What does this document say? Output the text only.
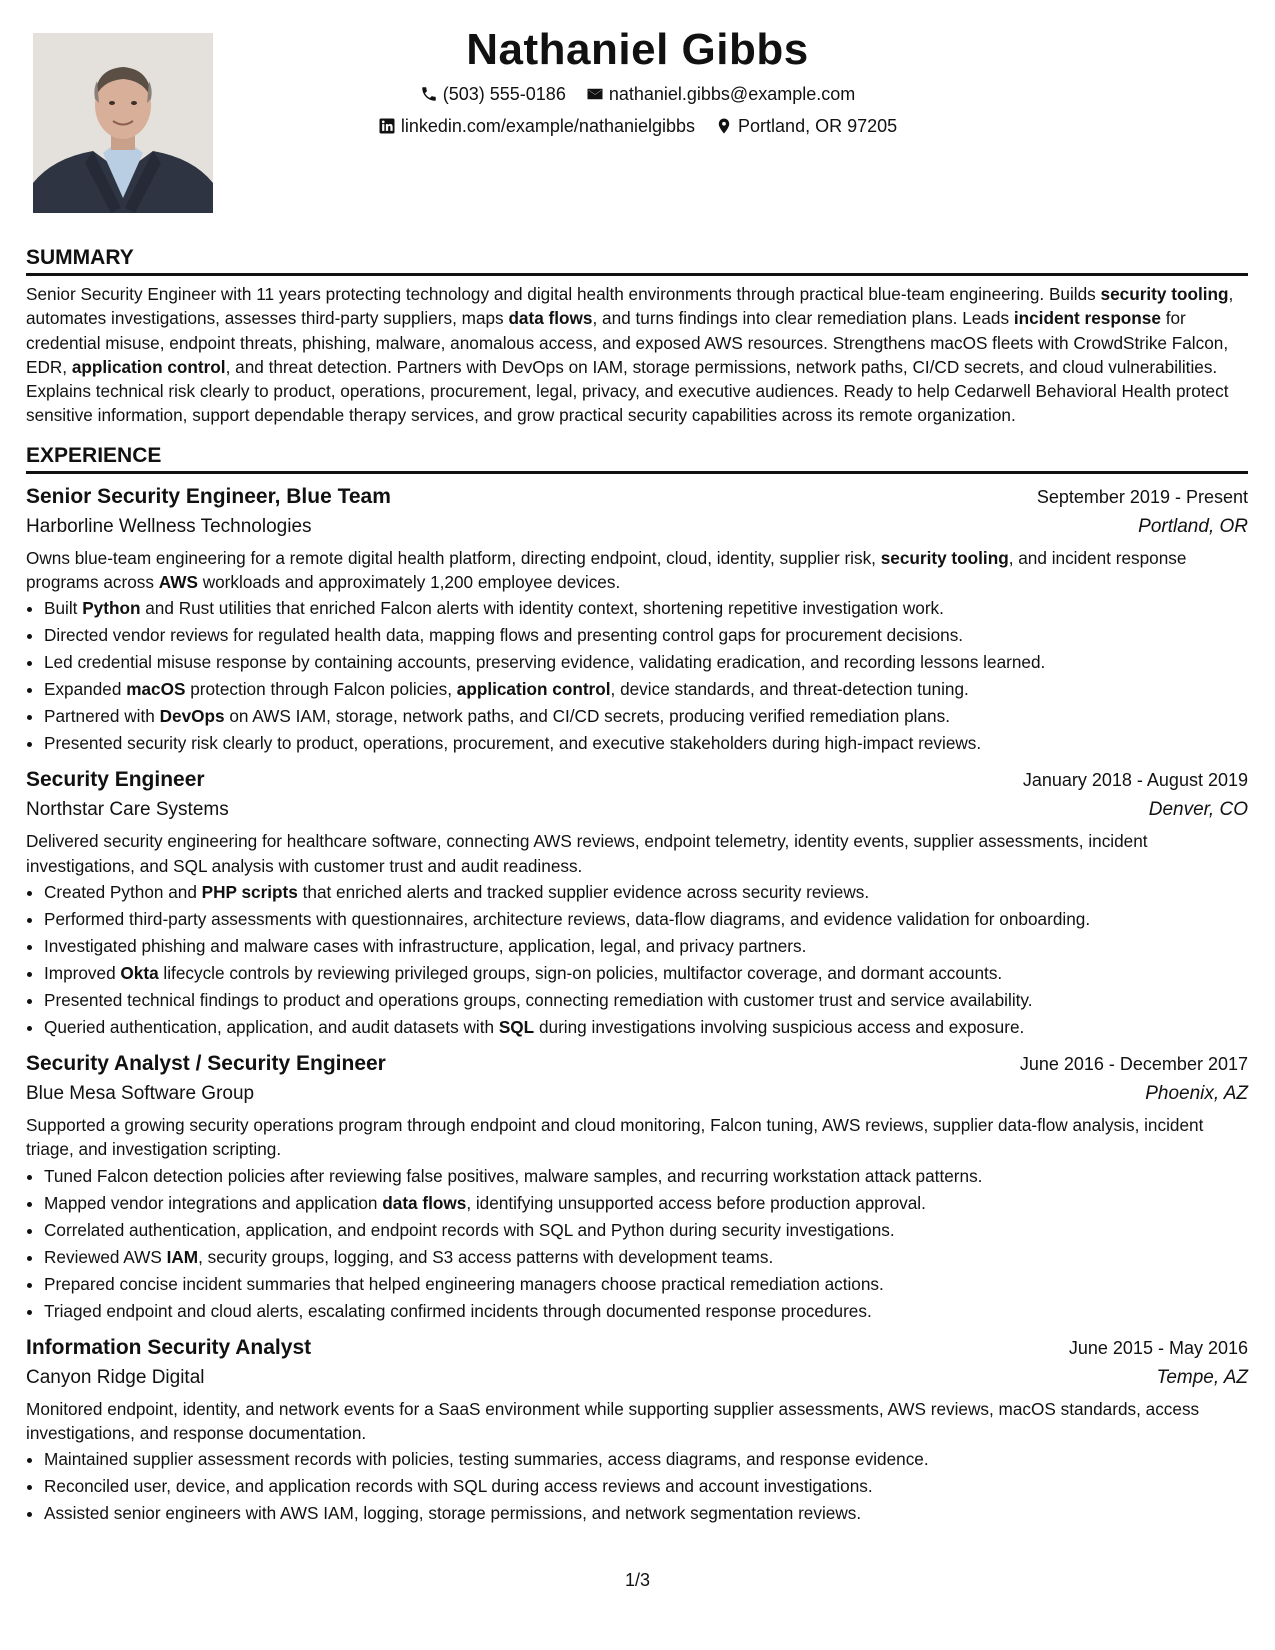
Nathaniel Gibbs
(503) 555-0186 nathaniel.gibbs@example.com
linkedin.com/example/nathanielgibbs Portland, OR 97205
SUMMARY

Senior Security Engineer with 11 years protecting technology and digital health environments through practical blue-team engineering. Builds security tooling, automates investigations, assesses third-party suppliers, maps data flows, and turns findings into clear remediation plans. Leads incident response for credential misuse, endpoint threats, phishing, malware, anomalous access, and exposed AWS resources. Strengthens macOS fleets with CrowdStrike Falcon, EDR, application control, and threat detection. Partners with DevOps on IAM, storage permissions, network paths, CI/CD secrets, and cloud vulnerabilities. Explains technical risk clearly to product, operations, procurement, legal, privacy, and executive audiences. Ready to help Cedarwell Behavioral Health protect sensitive information, support dependable therapy services, and grow practical security capabilities across its remote organization.

EXPERIENCE
Senior Security Engineer, Blue Team	September 2019 - Present
Harborline Wellness Technologies	Portland, OR

Owns blue-team engineering for a remote digital health platform, directing endpoint, cloud, identity, supplier risk, security tooling, and incident response programs across AWS workloads and approximately 1,200 employee devices.

• Built Python and Rust utilities that enriched Falcon alerts with identity context, shortening repetitive investigation work.
• Directed vendor reviews for regulated health data, mapping flows and presenting control gaps for procurement decisions.
• Led credential misuse response by containing accounts, preserving evidence, validating eradication, and recording lessons learned.
• Expanded macOS protection through Falcon policies, application control, device standards, and threat-detection tuning.
• Partnered with DevOps on AWS IAM, storage, network paths, and CI/CD secrets, producing verified remediation plans.
• Presented security risk clearly to product, operations, procurement, and executive stakeholders during high-impact reviews.
Security Engineer	January 2018 - August 2019
Northstar Care Systems	Denver, CO

Delivered security engineering for healthcare software, connecting AWS reviews, endpoint telemetry, identity events, supplier assessments, incident investigations, and SQL analysis with customer trust and audit readiness.

• Created Python and PHP scripts that enriched alerts and tracked supplier evidence across security reviews.
• Performed third-party assessments with questionnaires, architecture reviews, data-flow diagrams, and evidence validation for onboarding.
• Investigated phishing and malware cases with infrastructure, application, legal, and privacy partners.
• Improved Okta lifecycle controls by reviewing privileged groups, sign-on policies, multifactor coverage, and dormant accounts.
• Presented technical findings to product and operations groups, connecting remediation with customer trust and service availability.
• Queried authentication, application, and audit datasets with SQL during investigations involving suspicious access and exposure.
Security Analyst / Security Engineer	June 2016 - December 2017
Blue Mesa Software Group	Phoenix, AZ

Supported a growing security operations program through endpoint and cloud monitoring, Falcon tuning, AWS reviews, supplier data-flow analysis, incident triage, and investigation scripting.

• Tuned Falcon detection policies after reviewing false positives, malware samples, and recurring workstation attack patterns.
• Mapped vendor integrations and application data flows, identifying unsupported access before production approval.
• Correlated authentication, application, and endpoint records with SQL and Python during security investigations.
• Reviewed AWS IAM, security groups, logging, and S3 access patterns with development teams.
• Prepared concise incident summaries that helped engineering managers choose practical remediation actions.
• Triaged endpoint and cloud alerts, escalating confirmed incidents through documented response procedures.
Information Security Analyst	June 2015 - May 2016
Canyon Ridge Digital	Tempe, AZ

Monitored endpoint, identity, and network events for a SaaS environment while supporting supplier assessments, AWS reviews, macOS standards, access investigations, and response documentation.

• Maintained supplier assessment records with policies, testing summaries, access diagrams, and response evidence.
• Reconciled user, device, and application records with SQL during access reviews and account investigations.
• Assisted senior engineers with AWS IAM, logging, storage permissions, and network segmentation reviews.
1/3
